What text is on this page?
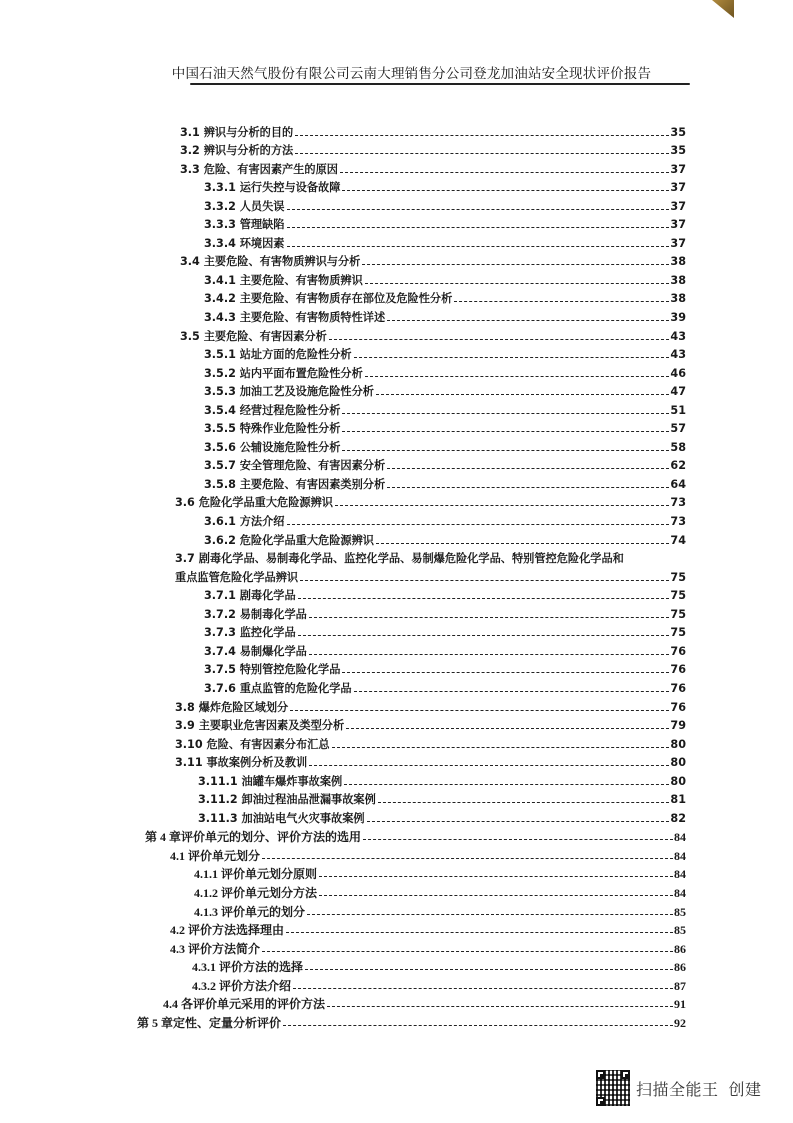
中国石油天然气股份有限公司云南大理销售分公司登龙加油站安全现状评价报告
3.1 辨识与分析的目的	35
3.2 辨识与分析的方法	35
3.3 危险、有害因素产生的原因	37
3.3.1 运行失控与设备故障	37
3.3.2 人员失误	37
3.3.3 管理缺陷	37
3.3.4 环境因素	37
3.4 主要危险、有害物质辨识与分析	38
3.4.1 主要危险、有害物质辨识	38
3.4.2 主要危险、有害物质存在部位及危险性分析	38
3.4.3 主要危险、有害物质特性详述	39
3.5 主要危险、有害因素分析	43
3.5.1 站址方面的危险性分析	43
3.5.2 站内平面布置危险性分析	46
3.5.3 加油工艺及设施危险性分析	47
3.5.4 经营过程危险性分析	51
3.5.5 特殊作业危险性分析	57
3.5.6 公辅设施危险性分析	58
3.5.7 安全管理危险、有害因素分析	62
3.5.8 主要危险、有害因素类别分析	64
3.6 危险化学品重大危险源辨识	73
3.6.1 方法介绍	73
3.6.2 危险化学品重大危险源辨识	74
3.7 剧毒化学品、易制毒化学品、监控化学品、易制爆危险化学品、特别管控危险化学品和
重点监管危险化学品辨识	75
3.7.1 剧毒化学品	75
3.7.2 易制毒化学品	75
3.7.3 监控化学品	75
3.7.4 易制爆化学品	76
3.7.5 特别管控危险化学品	76
3.7.6 重点监管的危险化学品	76
3.8 爆炸危险区域划分	76
3.9 主要职业危害因素及类型分析	79
3.10 危险、有害因素分布汇总	80
3.11 事故案例分析及教训	80
3.11.1 油罐车爆炸事故案例	80
3.11.2 卸油过程油品泄漏事故案例	81
3.11.3 加油站电气火灾事故案例	82
第 4 章评价单元的划分、评价方法的选用	84
4.1 评价单元划分	84
4.1.1 评价单元划分原则	84
4.1.2 评价单元划分方法	84
4.1.3 评价单元的划分	85
4.2 评价方法选择理由	85
4.3 评价方法简介	86
4.3.1 评价方法的选择	86
4.3.2 评价方法介绍	87
4.4 各评价单元采用的评价方法	91
第 5 章定性、定量分析评价	92
扫描全能王 创建
